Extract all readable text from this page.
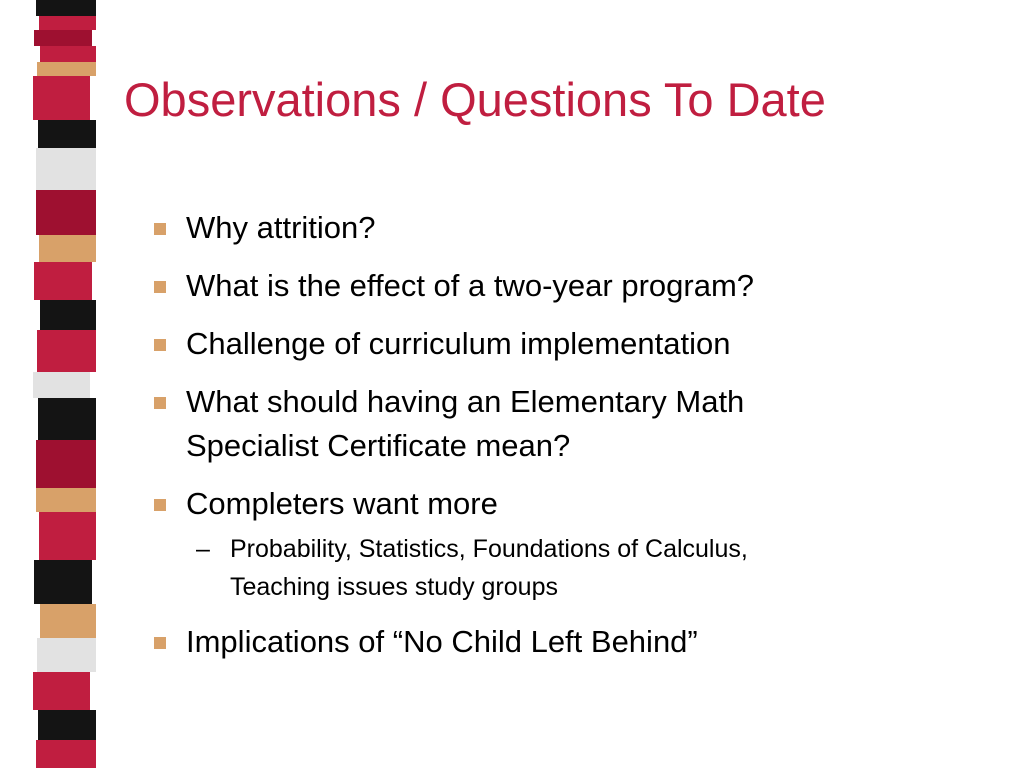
Observations / Questions To Date
Why attrition?
What is the effect of a two-year program?
Challenge of curriculum implementation
What should having an Elementary Math
Specialist Certificate mean?
Completers want more
– Probability, Statistics, Foundations of Calculus,
Teaching issues study groups
Implications of “No Child Left Behind”
